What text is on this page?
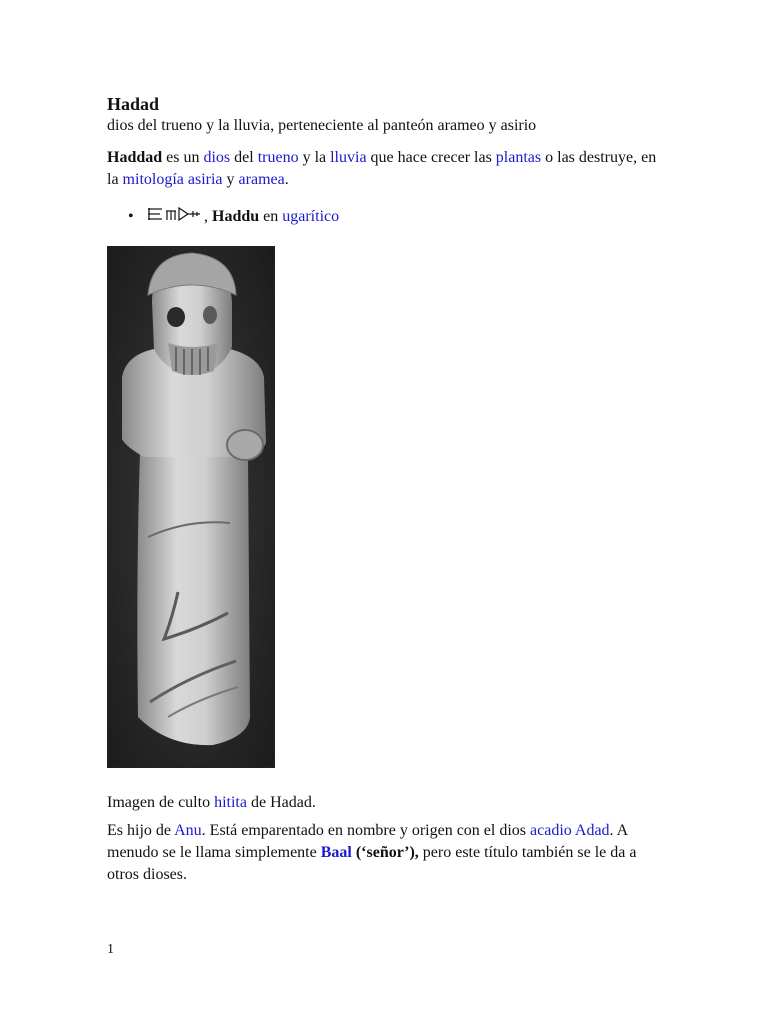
Hadad

dios del trueno y la lluvia, perteneciente al panteón arameo y asirio

Haddad es un dios del trueno y la lluvia que hace crecer las plantas o las destruye, en la mitología asiria y aramea.

•	, Haddu en ugarítico

Imagen de culto hitita de Hadad.

Es hijo de Anu. Está emparentado en nombre y origen con el dios acadio Adad. A menudo se le llama simplemente Baal (‘señor’), pero este título también se le da a otros dioses.

1
